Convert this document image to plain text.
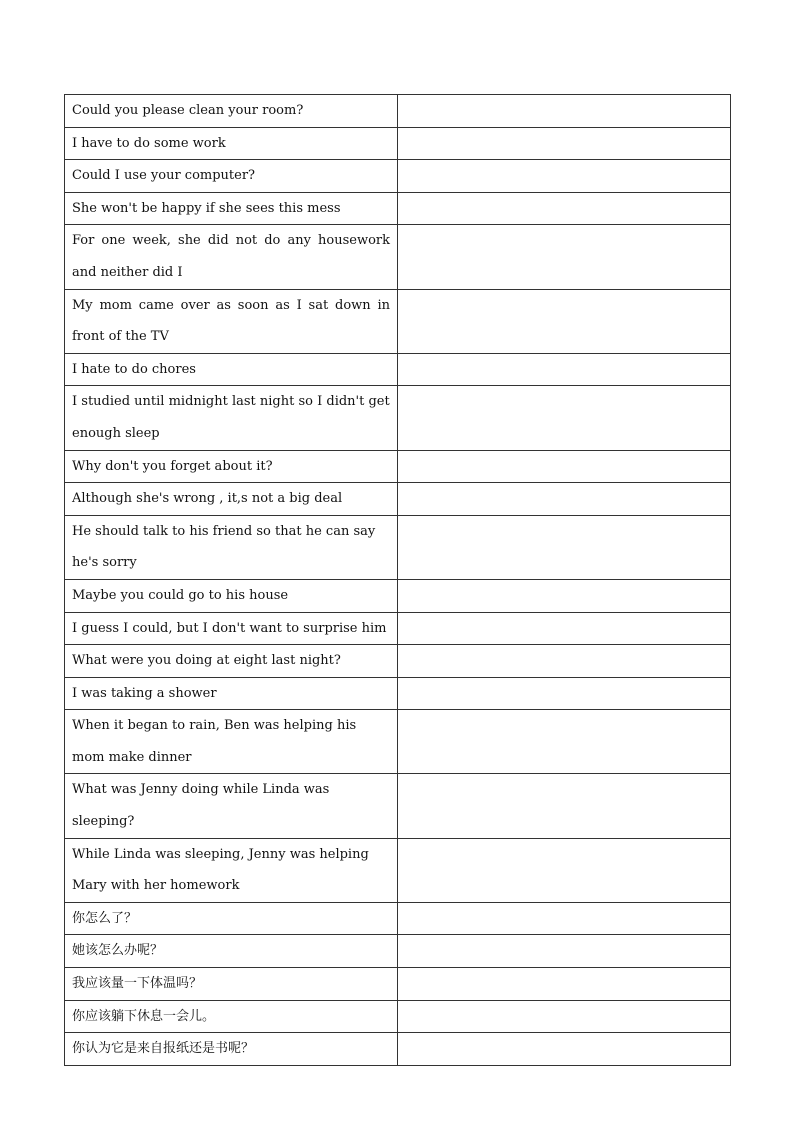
Could you please clean your room?	
I have to do some work	
Could I use your computer?	
She won't be happy if she sees this mess	
For one week, she did not do any housework and neither did I	
My mom came over as soon as I sat down in front of the TV	
I hate to do chores	
I studied until midnight last night so I didn't get enough sleep	
Why don't you forget about it?	
Although she's wrong , it,s not a big deal	
He should talk to his friend so that he can say he's sorry	
Maybe you could go to his house	
I guess I could, but I don't want to surprise him	
What were you doing at eight last night?	
I was taking a shower	
When it began to rain, Ben was helping his mom make dinner	
What was Jenny doing while Linda was sleeping?	
While Linda was sleeping, Jenny was helping Mary with her homework	
你怎么了？	
她该怎么办呢？	
我应该量一下体温吗？	
你应该躺下休息一会儿。	
你认为它是来自报纸还是书呢？	
